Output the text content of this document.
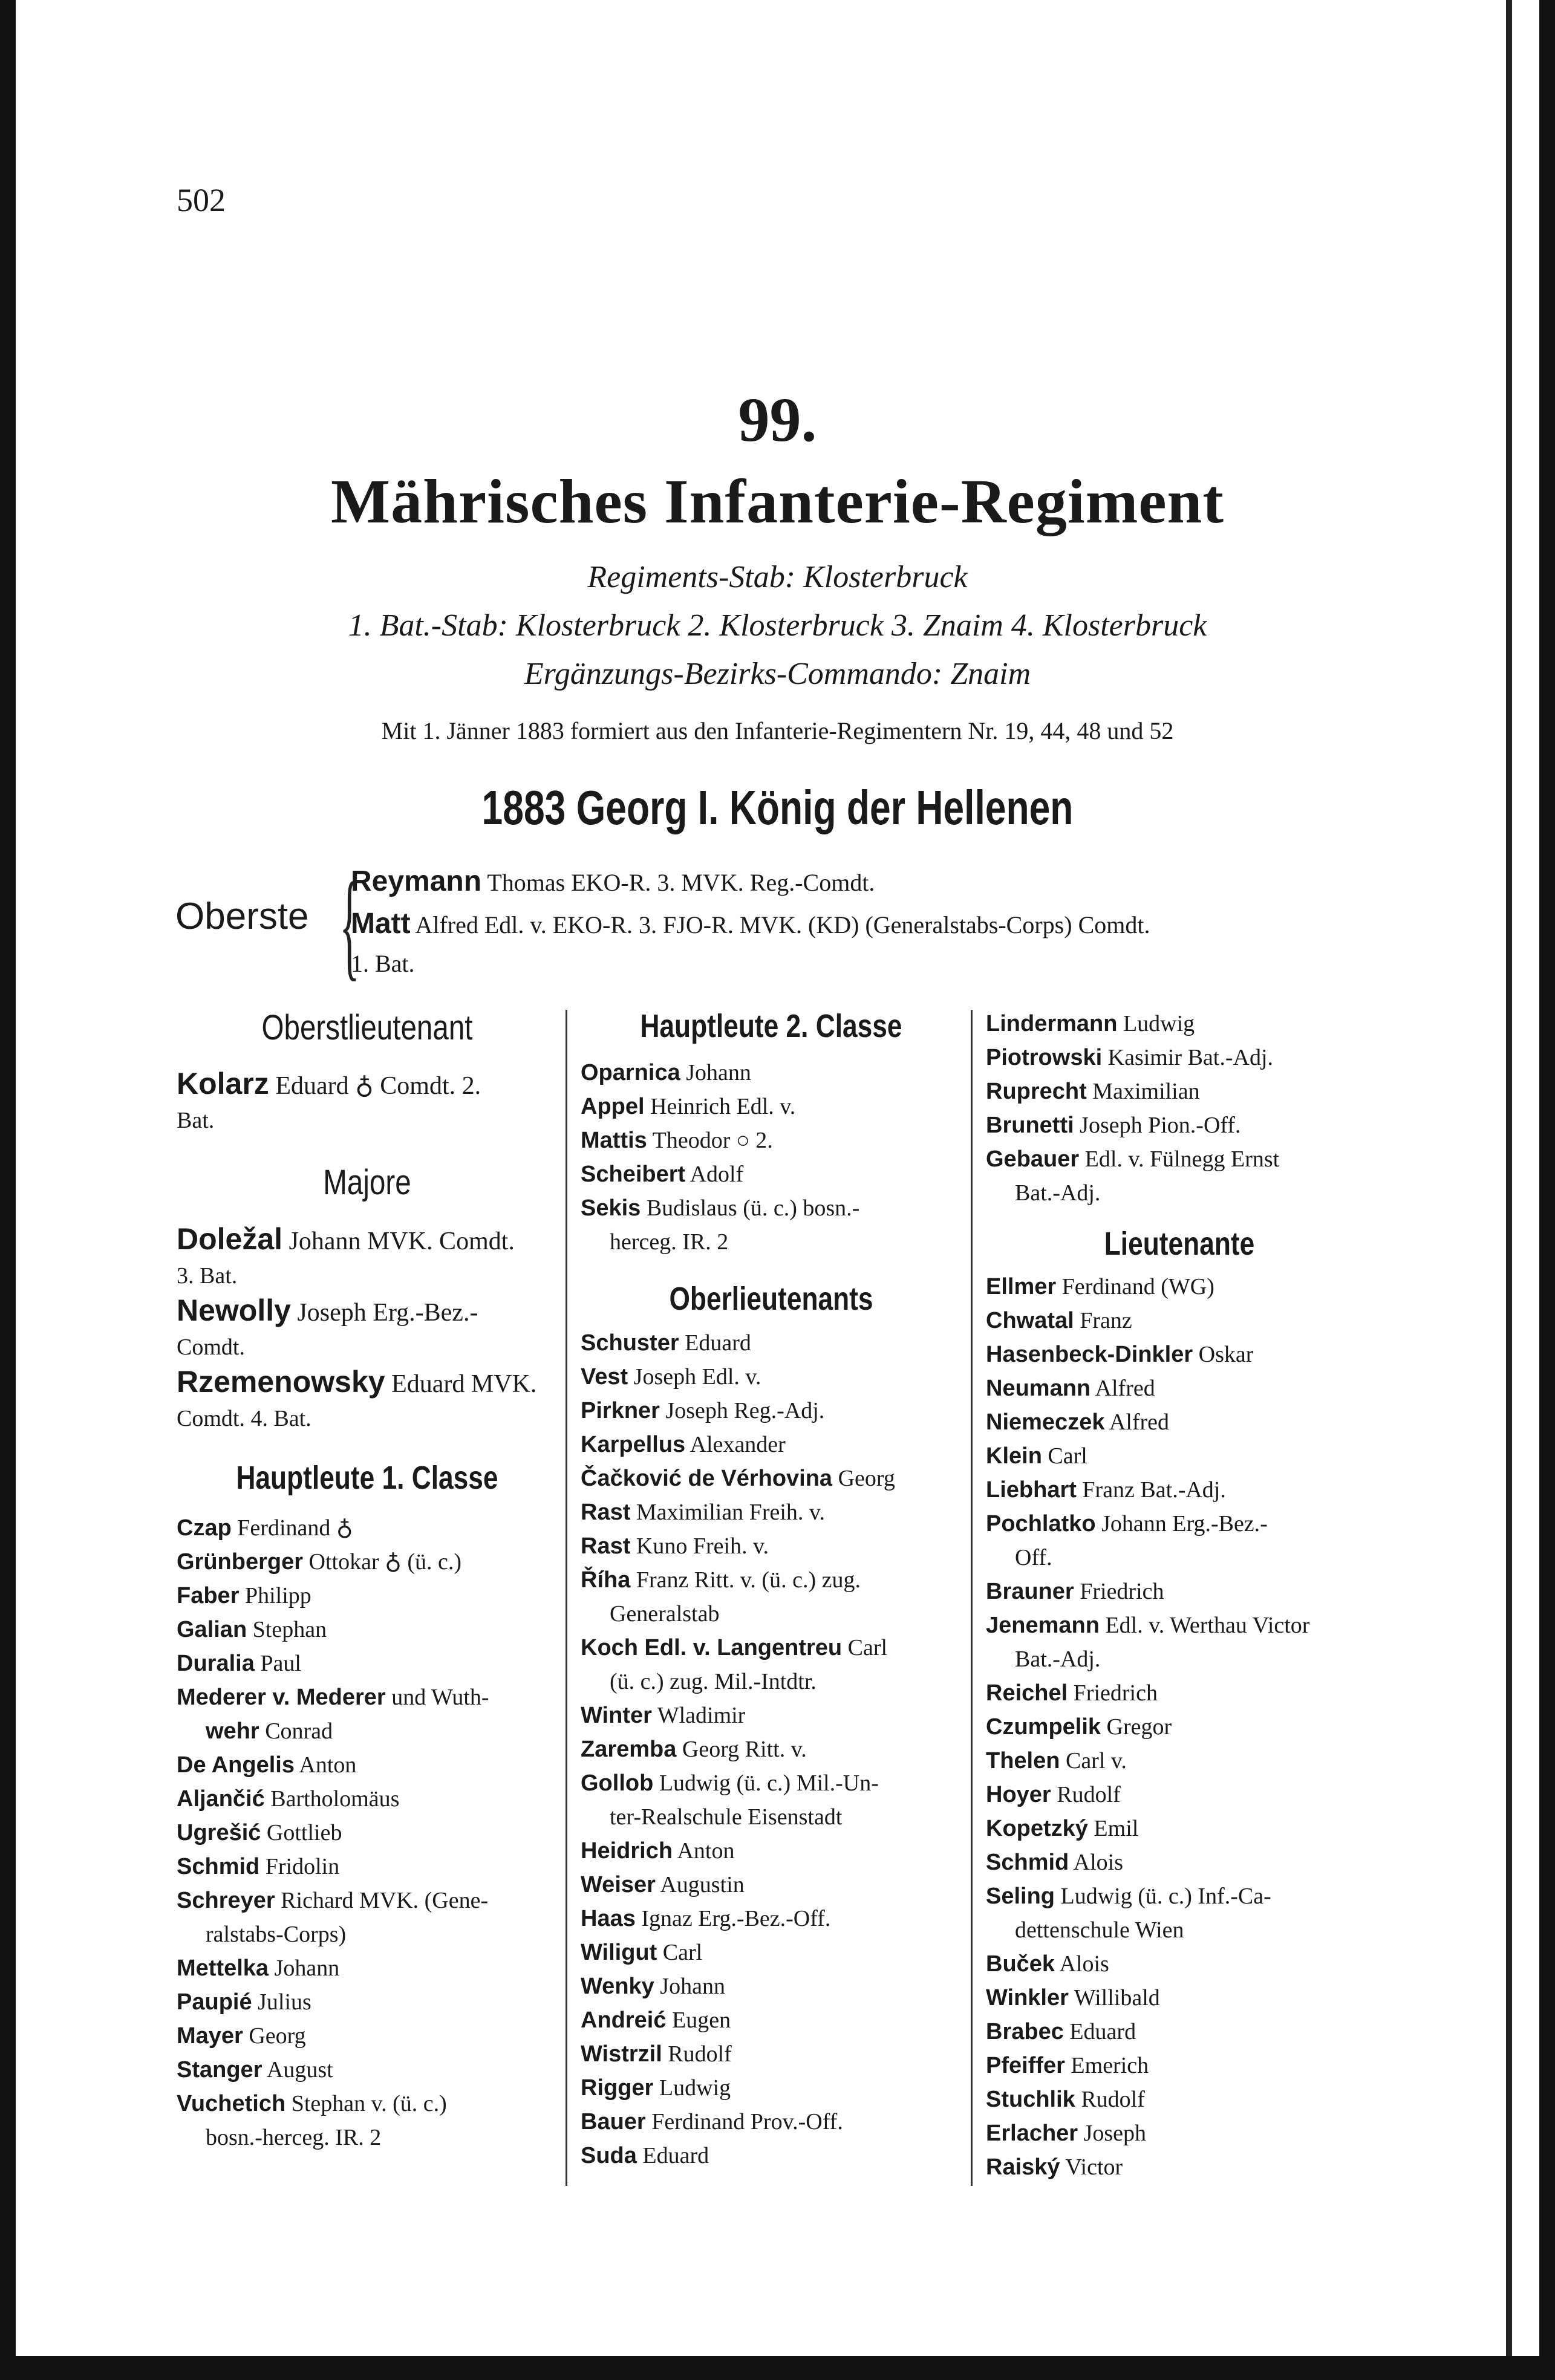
502
99.
Mährisches Infanterie-Regiment
Regiments-Stab: Klosterbruck
1. Bat.-Stab: Klosterbruck 2. Klosterbruck 3. Znaim 4. Klosterbruck
Ergänzungs-Bezirks-Commando: Znaim
Mit 1. Jänner 1883 formiert aus den Infanterie-Regimentern Nr. 19, 44, 48 und 52
1883 Georg I. König der Hellenen
Oberste {
Reymann Thomas EKO-R. 3. MVK. Reg.-Comdt.
Matt Alfred Edl. v. EKO-R. 3. FJO-R. MVK. (KD) (Generalstabs-Corps) Comdt.
1. Bat.
Oberstlieutenant
Kolarz Eduard ♁ Comdt. 2.
Bat.
Majore
Doležal Johann MVK. Comdt.
3. Bat.
Newolly Joseph Erg.-Bez.-
Comdt.
Rzemenowsky Eduard MVK.
Comdt. 4. Bat.
Hauptleute 1. Classe
Czap Ferdinand ♁
Grünberger Ottokar ♁ (ü. c.)
Faber Philipp
Galian Stephan
Duralia Paul
Mederer v. Mederer und Wuth-
wehr Conrad
De Angelis Anton
Aljančić Bartholomäus
Ugrešić Gottlieb
Schmid Fridolin
Schreyer Richard MVK. (Gene-
ralstabs-Corps)
Mettelka Johann
Paupié Julius
Mayer Georg
Stanger August
Vuchetich Stephan v. (ü. c.)
bosn.-herceg. IR. 2
Hauptleute 2. Classe
Oparnica Johann
Appel Heinrich Edl. v.
Mattis Theodor ○ 2.
Scheibert Adolf
Sekis Budislaus (ü. c.) bosn.-
herceg. IR. 2
Oberlieutenants
Schuster Eduard
Vest Joseph Edl. v.
Pirkner Joseph Reg.-Adj.
Karpellus Alexander
Čačković de Vérhovina Georg
Rast Maximilian Freih. v.
Rast Kuno Freih. v.
Říha Franz Ritt. v. (ü. c.) zug.
Generalstab
Koch Edl. v. Langentreu Carl
(ü. c.) zug. Mil.-Intdtr.
Winter Wladimir
Zaremba Georg Ritt. v.
Gollob Ludwig (ü. c.) Mil.-Un-
ter-Realschule Eisenstadt
Heidrich Anton
Weiser Augustin
Haas Ignaz Erg.-Bez.-Off.
Wiligut Carl
Wenky Johann
Andreić Eugen
Wistrzil Rudolf
Rigger Ludwig
Bauer Ferdinand Prov.-Off.
Suda Eduard
Lindermann Ludwig
Piotrowski Kasimir Bat.-Adj.
Ruprecht Maximilian
Brunetti Joseph Pion.-Off.
Gebauer Edl. v. Fülnegg Ernst
Bat.-Adj.
Lieutenante
Ellmer Ferdinand (WG)
Chwatal Franz
Hasenbeck-Dinkler Oskar
Neumann Alfred
Niemeczek Alfred
Klein Carl
Liebhart Franz Bat.-Adj.
Pochlatko Johann Erg.-Bez.-
Off.
Brauner Friedrich
Jenemann Edl. v. Werthau Victor
Bat.-Adj.
Reichel Friedrich
Czumpelik Gregor
Thelen Carl v.
Hoyer Rudolf
Kopetzký Emil
Schmid Alois
Seling Ludwig (ü. c.) Inf.-Ca-
dettenschule Wien
Buček Alois
Winkler Willibald
Brabec Eduard
Pfeiffer Emerich
Stuchlik Rudolf
Erlacher Joseph
Raiský Victor
